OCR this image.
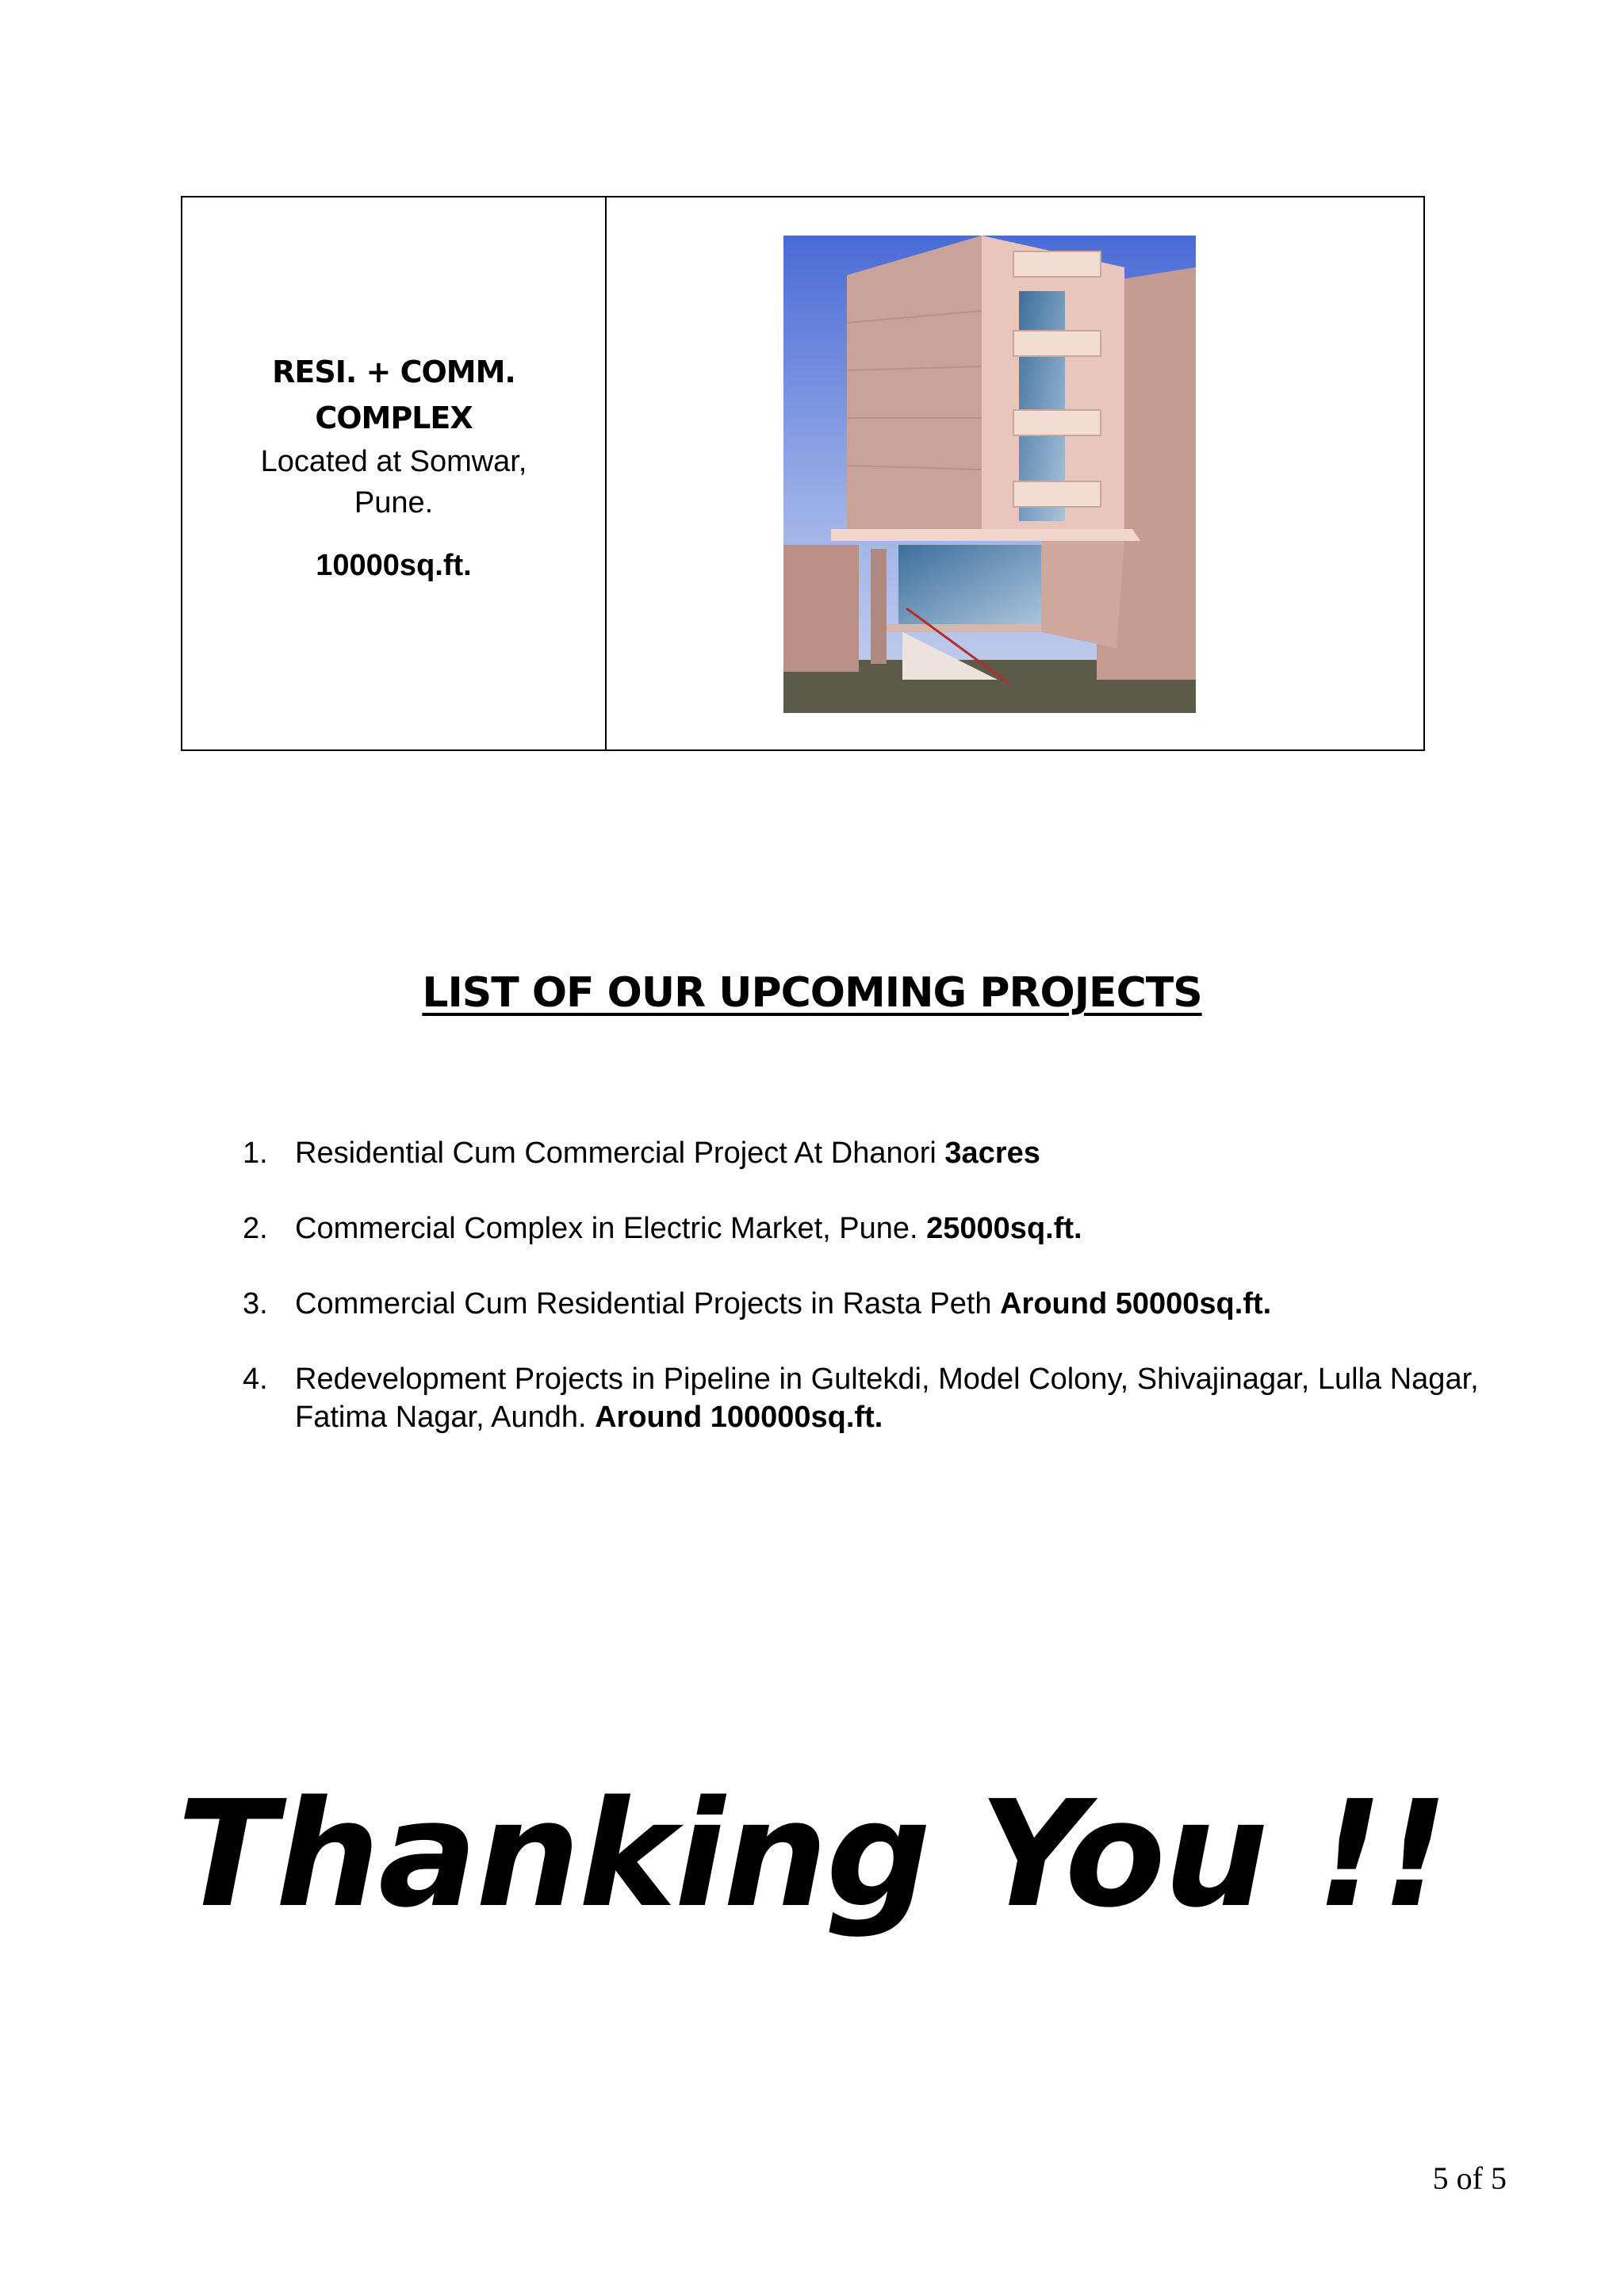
RESI. + COMM.
COMPLEX
Located at Somwar,
Pune.
10000sq.ft.
LIST OF OUR UPCOMING PROJECTS
1. Residential Cum Commercial Project At Dhanori 3acres
2. Commercial Complex in Electric Market, Pune. 25000sq.ft.
3. Commercial Cum Residential Projects in Rasta Peth Around 50000sq.ft.
4. Redevelopment Projects in Pipeline in Gultekdi, Model Colony, Shivajinagar, Lulla Nagar, Fatima Nagar, Aundh. Around 100000sq.ft.
Thanking You !!
5 of 5
